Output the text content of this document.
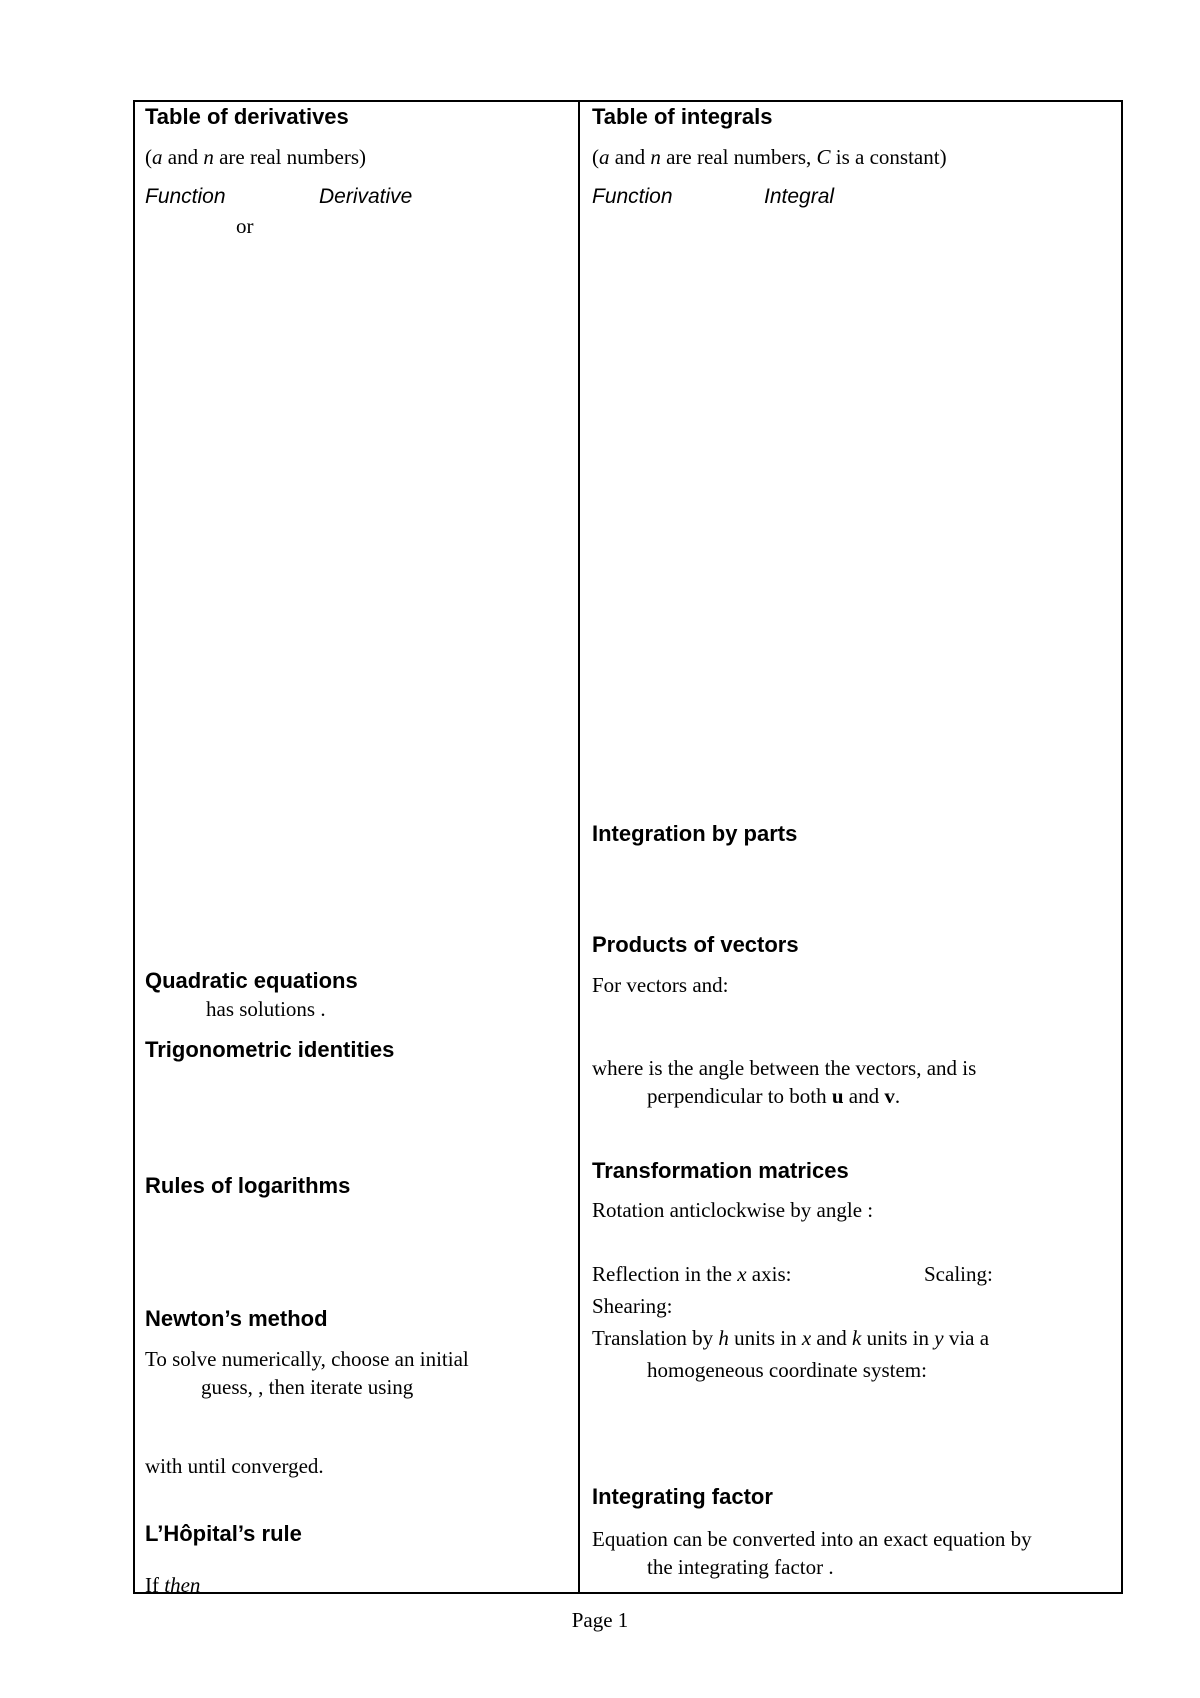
Table of derivatives
(a and n are real numbers)
Function	Derivative
or
Quadratic equations
has solutions .
Trigonometric identities
Rules of logarithms
Newton’s method
To solve numerically, choose an initial
guess, , then iterate using
with until converged.
L’Hôpital’s rule
If then
Table of integrals
(a and n are real numbers, C is a constant)
Function	Integral
Integration by parts
Products of vectors
For vectors and:
where is the angle between the vectors, and is
perpendicular to both u and v.
Transformation matrices
Rotation anticlockwise by angle :
Reflection in the x axis:	Scaling:
Shearing:
Translation by h units in x and k units in y via a
homogeneous coordinate system:
Integrating factor
Equation can be converted into an exact equation by
the integrating factor .
Page 1
